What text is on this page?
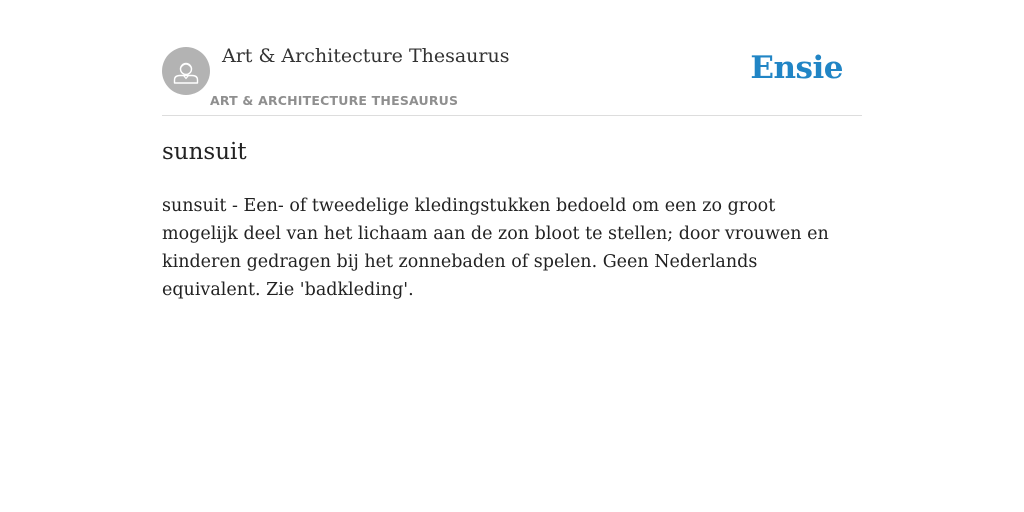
Art & Architecture Thesaurus
ART & ARCHITECTURE THESAURUS
Ensie
sunsuit
sunsuit - Een- of tweedelige kledingstukken bedoeld om een zo groot mogelijk deel van het lichaam aan de zon bloot te stellen; door vrouwen en kinderen gedragen bij het zonnebaden of spelen. Geen Nederlands equivalent. Zie 'badkleding'.
